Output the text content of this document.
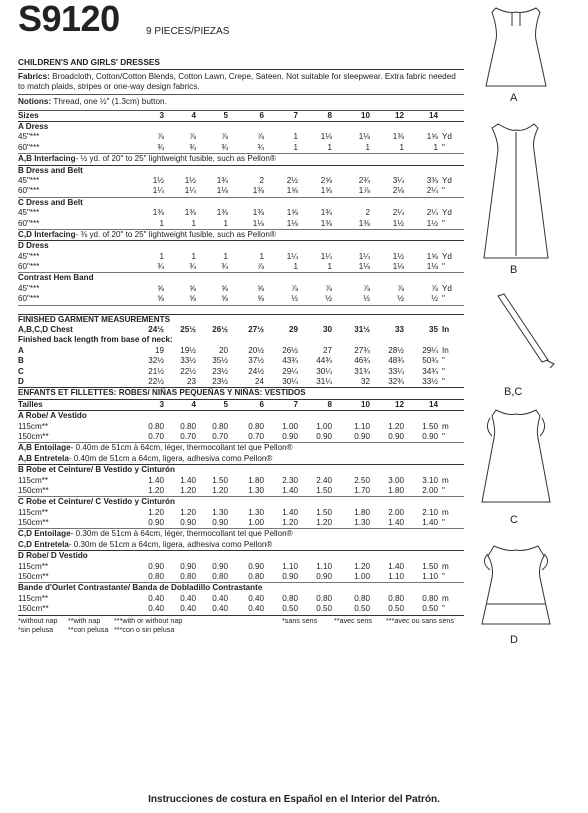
S9120	9 PIECES/PIEZAS
CHILDREN'S AND GIRLS' DRESSES
Fabrics: Broadcloth, Cotton/Cotton Blends, Cotton Lawn, Crepe, Sateen. Not suitable for sleepwear. Extra fabric needed to match plaids, stripes or one-way design fabrics.
Notions: Thread, one ½" (1.3cm) button.
Sizes	3	4	5	6	7	8	10	12	14
A Dress
45"***	⅞	⅞	⅞	⅞	1	1⅛	1⅛	1⅜	1⅝ Yd
60"***	¾	¾	¾	¾	1	1	1	1	1 "
A,B Interfacing- ½ yd. of 20" to 25" lightweight fusible, such as Pellon®
B Dress and Belt
45"***	1½	1½	1¾	2	2½	2⅝	2¾	3¼	3⅜ Yd
60"***	1¼	1¼	1⅛	1⅜	1⅝	1⅝	1⅞	2⅛	2¼ "
C Dress and Belt
45"***	1⅜	1⅜	1⅜	1⅜	1⅝	1¾	2	2¼	2¼ Yd
60"***	1	1	1	1⅛	1⅛	1⅜	1⅜	1½	1½ "
C,D Interfacing- ⅜ yd. of 20" to 25" lightweight fusible, such as Pellon®
D Dress
45"***	1	1	1	1	1¼	1¼	1¼	1½	1⅝ Yd
60"***	¾	¾	¾	⅞	1	1	1⅛	1⅛	1⅛ "
Contrast Hem Band
45"***	⅝	⅝	⅝	⅝	⅞	⅞	⅞	⅞	⅞ Yd
60"***	⅝	⅝	⅝	⅝	½	½	½	½	½ "
FINISHED GARMENT MEASUREMENTS
A,B,C,D Chest	24½	25½	26½	27½	29	30	31½	33	35 In
Finished back length from base of neck:
A	19	19½	20	20½	26½	27	27¾	28½	29¼ In
B	32½	33½	35½	37½	43¾	44¾	46¾	48¾	50¾ "
C	21½	22½	23½	24½	29¼	30¼	31¾	33¼	34¾ "
D	22½	23	23½	24	30¼	31¼	32	32¾	33½ "
ENFANTS ET FILLETTES: ROBES/ NIÑAS PEQUEÑAS Y NIÑAS: VESTIDOS
Tailles	3	4	5	6	7	8	10	12	14
A Robe/ A Vestido
115cm**	0.80	0.80	0.80	0.80	1.00	1.00	1.10	1.20	1.50 m
150cm**	0.70	0.70	0.70	0.70	0.90	0.90	0.90	0.90	0.90 "
A,B Entoilage- 0.40m de 51cm à 64cm, léger, thermocollant tel que Pellon®
A,B Entretela- 0.40m de 51cm a 64cm, ligera, adhesiva como Pellon®
B Robe et Ceinture/ B Vestido y Cinturón
115cm**	1.40	1.40	1.50	1.80	2.30	2.40	2.50	3.00	3.10 m
150cm**	1.20	1.20	1.20	1.30	1.40	1.50	1.70	1.80	2.00 "
C Robe et Ceinture/ C Vestido y Cinturón
115cm**	1.20	1.20	1.30	1.30	1.40	1.50	1.80	2.00	2.10 m
150cm**	0.90	0.90	0.90	1.00	1.20	1.20	1.30	1.40	1.40 "
C,D Entoilage- 0.30m de 51cm à 64cm, léger, thermocollant tel que Pellon®
C,D Entretela- 0.30m de 51cm a 64cm, ligera, adhesiva como Pellon®
D Robe/ D Vestido
115cm**	0.90	0.90	0.90	0.90	1.10	1.10	1.20	1.40	1.50 m
150cm**	0.80	0.80	0.80	0.80	0.90	0.90	1.00	1.10	1.10 "
Bande d'Ourlet Contrastante/ Banda de Dobladillo Contrastante
115cm**	0.40	0.40	0.40	0.40	0.80	0.80	0.80	0.80	0.80 m
150cm**	0.40	0.40	0.40	0.40	0.50	0.50	0.50	0.50	0.50 "
*without nap **with nap ***with or without nap	*sans sens **avec sens ***avec ou sans sens
*sin pelusa **con pelusa ***con o sin pelusa
Instrucciones de costura en Español en el Interior del Patrón.
A
B
B,C
C
D
